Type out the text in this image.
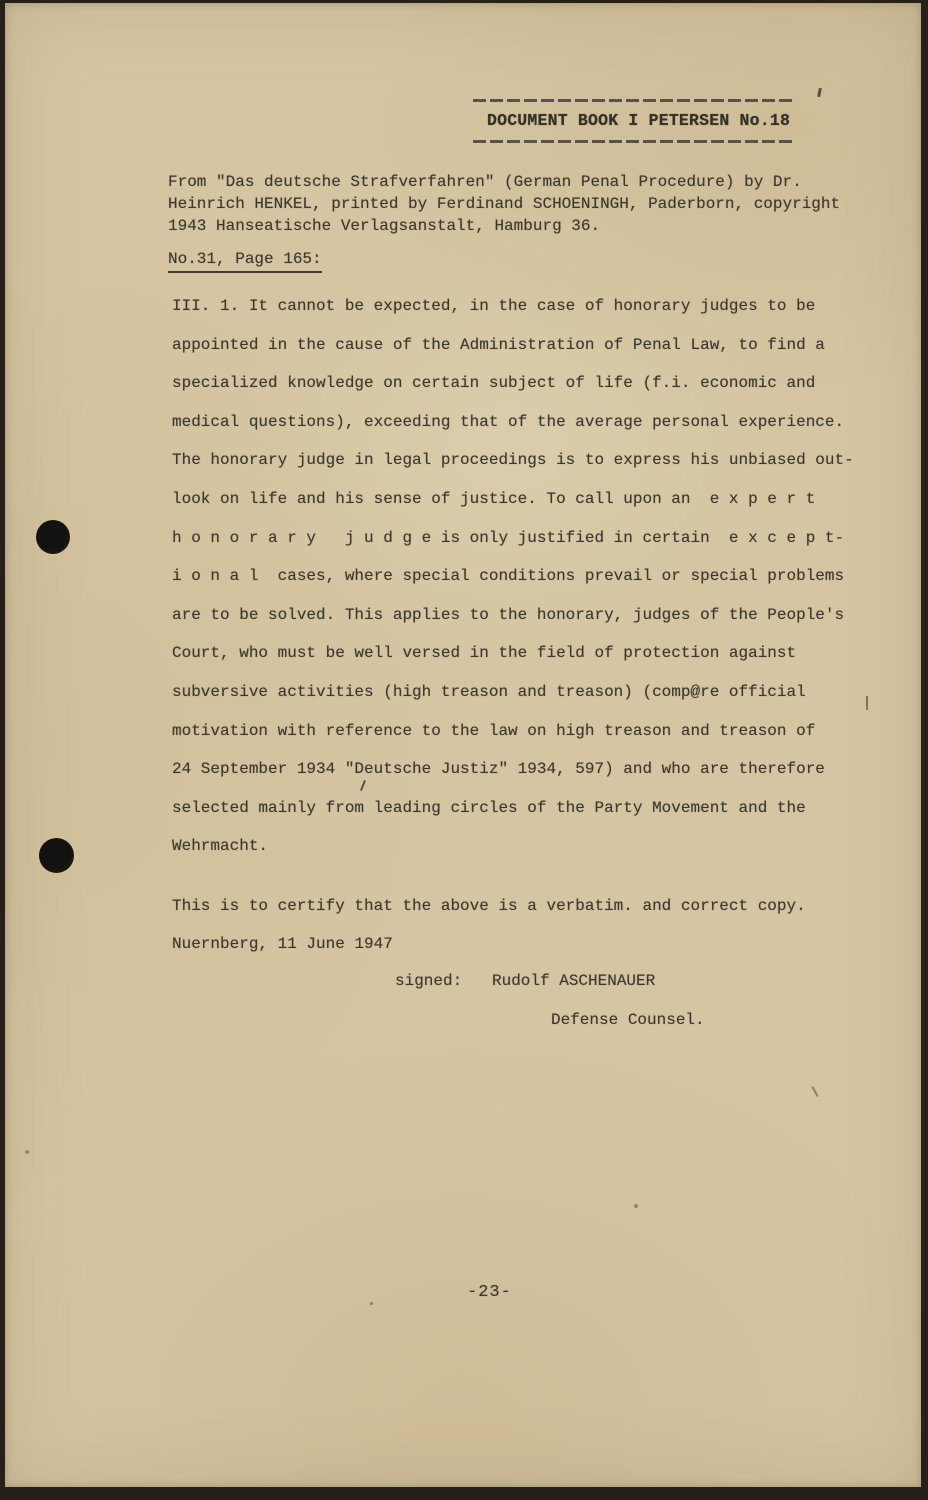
DOCUMENT BOOK I PETERSEN No.18
From "Das deutsche Strafverfahren" (German Penal Procedure) by Dr.
Heinrich HENKEL, printed by Ferdinand SCHOENINGH, Paderborn, copyright
1943 Hanseatische Verlagsanstalt, Hamburg 36.
No.31, Page 165:
III. 1. It cannot be expected, in the case of honorary judges to be
appointed in the cause of the Administration of Penal Law, to find a
specialized knowledge on certain subject of life (f.i. economic and
medical questions), exceeding that of the average personal experience.
The honorary judge in legal proceedings is to express his unbiased out-
look on life and his sense of justice. To call upon an  e x p e r t
h o n o r a r y   j u d g e is only justified in certain  e x c e p t-
i o n a l  cases, where special conditions prevail or special problems
are to be solved. This applies to the honorary, judges of the People's
Court, who must be well versed in the field of protection against
subversive activities (high treason and treason) (comp@re official
motivation with reference to the law on high treason and treason of
24 September 1934 "Deutsche Justiz" 1934, 597) and who are therefore
selected mainly from leading circles of the Party Movement and the
Wehrmacht.
This is to certify that the above is a verbatim. and correct copy.
Nuernberg, 11 June 1947
signed: Rudolf ASCHENAUER
Defense Counsel.
-23-
